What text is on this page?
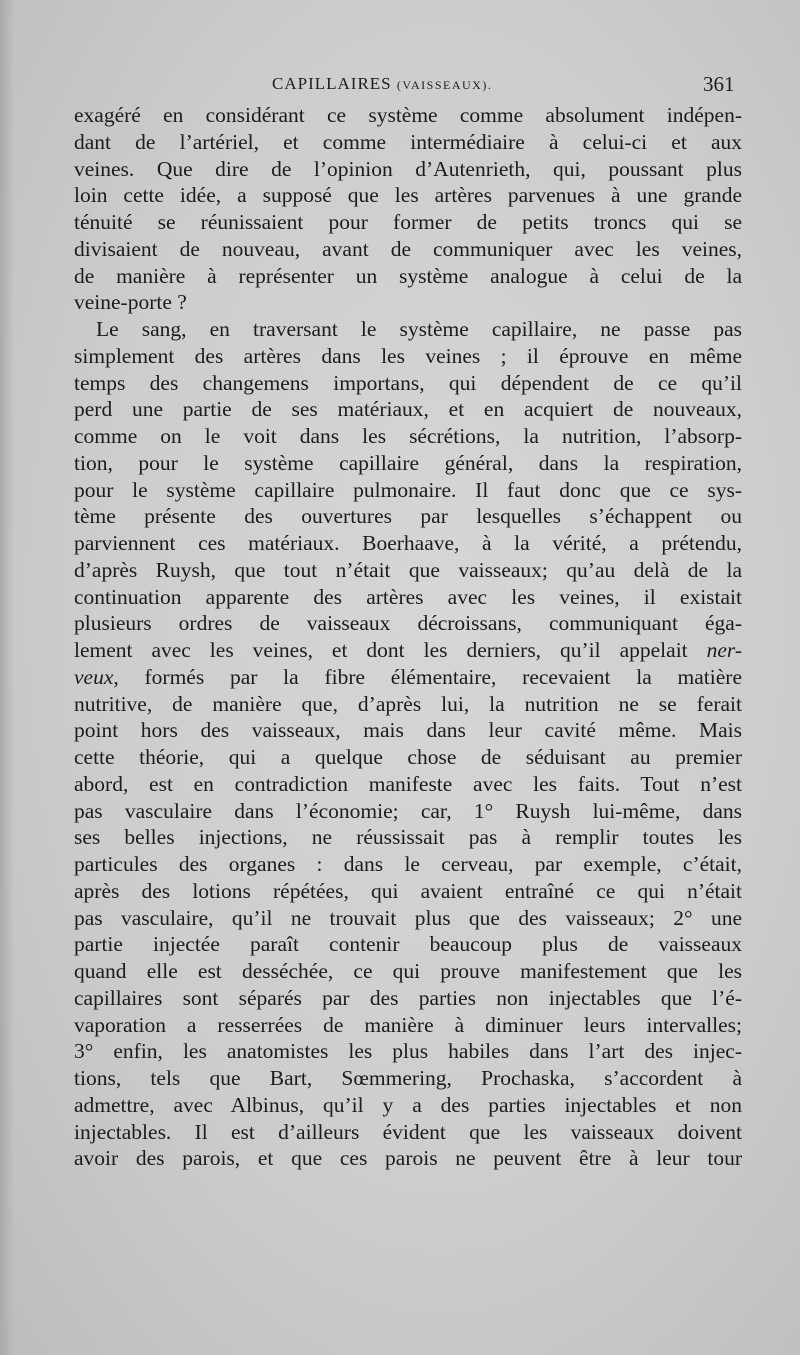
CAPILLAIRES (VAISSEAUX).	361
exagéré en considérant ce système comme absolument indépen-
dant de l’artériel, et comme intermédiaire à celui-ci et aux
veines. Que dire de l’opinion d’Autenrieth, qui, poussant plus
loin cette idée, a supposé que les artères parvenues à une grande
ténuité se réunissaient pour former de petits troncs qui se
divisaient de nouveau, avant de communiquer avec les veines,
de manière à représenter un système analogue à celui de la
veine-porte ?
Le sang, en traversant le système capillaire, ne passe pas
simplement des artères dans les veines ; il éprouve en même
temps des changemens importans, qui dépendent de ce qu’il
perd une partie de ses matériaux, et en acquiert de nouveaux,
comme on le voit dans les sécrétions, la nutrition, l’absorp-
tion, pour le système capillaire général, dans la respiration,
pour le système capillaire pulmonaire. Il faut donc que ce sys-
tème présente des ouvertures par lesquelles s’échappent ou
parviennent ces matériaux. Boerhaave, à la vérité, a prétendu,
d’après Ruysh, que tout n’était que vaisseaux; qu’au delà de la
continuation apparente des artères avec les veines, il existait
plusieurs ordres de vaisseaux décroissans, communiquant éga-
lement avec les veines, et dont les derniers, qu’il appelait ner-
veux, formés par la fibre élémentaire, recevaient la matière
nutritive, de manière que, d’après lui, la nutrition ne se ferait
point hors des vaisseaux, mais dans leur cavité même. Mais
cette théorie, qui a quelque chose de séduisant au premier
abord, est en contradiction manifeste avec les faits. Tout n’est
pas vasculaire dans l’économie; car, 1° Ruysh lui-même, dans
ses belles injections, ne réussissait pas à remplir toutes les
particules des organes : dans le cerveau, par exemple, c’était,
après des lotions répétées, qui avaient entraîné ce qui n’était
pas vasculaire, qu’il ne trouvait plus que des vaisseaux; 2° une
partie injectée paraît contenir beaucoup plus de vaisseaux
quand elle est desséchée, ce qui prouve manifestement que les
capillaires sont séparés par des parties non injectables que l’é-
vaporation a resserrées de manière à diminuer leurs intervalles;
3° enfin, les anatomistes les plus habiles dans l’art des injec-
tions, tels que Bart, Sœmmering, Prochaska, s’accordent à
admettre, avec Albinus, qu’il y a des parties injectables et non
injectables. Il est d’ailleurs évident que les vaisseaux doivent
avoir des parois, et que ces parois ne peuvent être à leur tour
